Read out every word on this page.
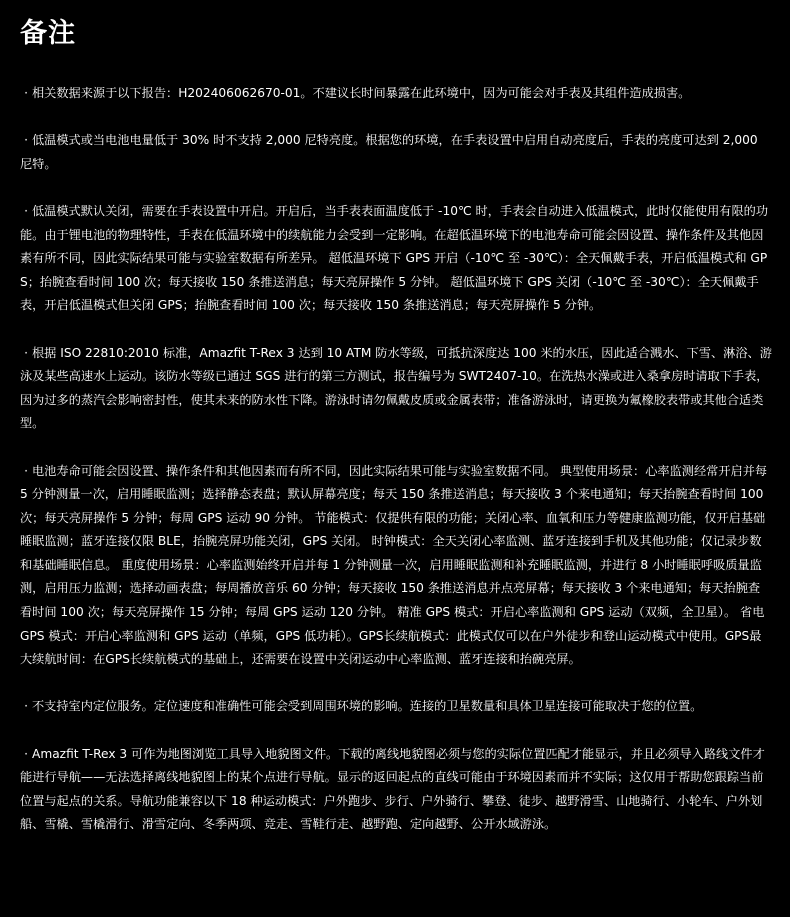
备注
· 相关数据来源于以下报告：H202406062670-01。不建议长时间暴露在此环境中，因为可能会对手表及其组件造成损害。
· 低温模式或当电池电量低于 30% 时不支持 2,000 尼特亮度。根据您的环境，在手表设置中启用自动亮度后，手表的亮度可达到 2,000 尼特。
· 低温模式默认关闭，需要在手表设置中开启。开启后，当手表表面温度低于 -10℃ 时，手表会自动进入低温模式，此时仅能使用有限的功能。由于锂电池的物理特性，手表在低温环境中的续航能力会受到一定影响。在超低温环境下的电池寿命可能会因设置、操作条件及其他因素有所不同，因此实际结果可能与实验室数据有所差异。 超低温环境下 GPS 开启（-10℃ 至 -30℃）：全天佩戴手表，开启低温模式和 GPS；抬腕查看时间 100 次；每天接收 150 条推送消息；每天亮屏操作 5 分钟。 超低温环境下 GPS 关闭（-10℃ 至 -30℃）：全天佩戴手表，开启低温模式但关闭 GPS；抬腕查看时间 100 次；每天接收 150 条推送消息；每天亮屏操作 5 分钟。
· 根据 ISO 22810:2010 标准，Amazfit T-Rex 3 达到 10 ATM 防水等级，可抵抗深度达 100 米的水压，因此适合溅水、下雪、淋浴、游泳及某些高速水上运动。该防水等级已通过 SGS 进行的第三方测试，报告编号为 SWT2407-10。在洗热水澡或进入桑拿房时请取下手表，因为过多的蒸汽会影响密封性，使其未来的防水性下降。游泳时请勿佩戴皮质或金属表带；准备游泳时，请更换为氟橡胶表带或其他合适类型。
· 电池寿命可能会因设置、操作条件和其他因素而有所不同，因此实际结果可能与实验室数据不同。 典型使用场景：心率监测经常开启并每 5 分钟测量一次，启用睡眠监测；选择静态表盘；默认屏幕亮度；每天 150 条推送消息；每天接收 3 个来电通知；每天抬腕查看时间 100 次；每天亮屏操作 5 分钟；每周 GPS 运动 90 分钟。 节能模式：仅提供有限的功能；关闭心率、血氧和压力等健康监测功能，仅开启基础睡眠监测；蓝牙连接仅限 BLE，抬腕亮屏功能关闭，GPS 关闭。 时钟模式：全天关闭心率监测、蓝牙连接到手机及其他功能；仅记录步数和基础睡眠信息。 重度使用场景：心率监测始终开启并每 1 分钟测量一次，启用睡眠监测和补充睡眠监测，并进行 8 小时睡眠呼吸质量监测，启用压力监测；选择动画表盘；每周播放音乐 60 分钟；每天接收 150 条推送消息并点亮屏幕；每天接收 3 个来电通知；每天抬腕查看时间 100 次；每天亮屏操作 15 分钟；每周 GPS 运动 120 分钟。 精准 GPS 模式：开启心率监测和 GPS 运动（双频，全卫星）。 省电 GPS 模式：开启心率监测和 GPS 运动（单频，GPS 低功耗）。GPS长续航模式：此模式仅可以在户外徒步和登山运动模式中使用。GPS最大续航时间：在GPS长续航模式的基础上，还需要在设置中关闭运动中心率监测、蓝牙连接和抬碗亮屏。
· 不支持室内定位服务。定位速度和准确性可能会受到周围环境的影响。连接的卫星数量和具体卫星连接可能取决于您的位置。
· Amazfit T-Rex 3 可作为地图浏览工具导入地貌图文件。下载的离线地貌图必须与您的实际位置匹配才能显示，并且必须导入路线文件才能进行导航——无法选择离线地貌图上的某个点进行导航。显示的返回起点的直线可能由于环境因素而并不实际；这仅用于帮助您跟踪当前位置与起点的关系。导航功能兼容以下 18 种运动模式：户外跑步、步行、户外骑行、攀登、徒步、越野滑雪、山地骑行、小轮车、户外划船、雪橇、雪橇滑行、滑雪定向、冬季两项、竞走、雪鞋行走、越野跑、定向越野、公开水域游泳。
